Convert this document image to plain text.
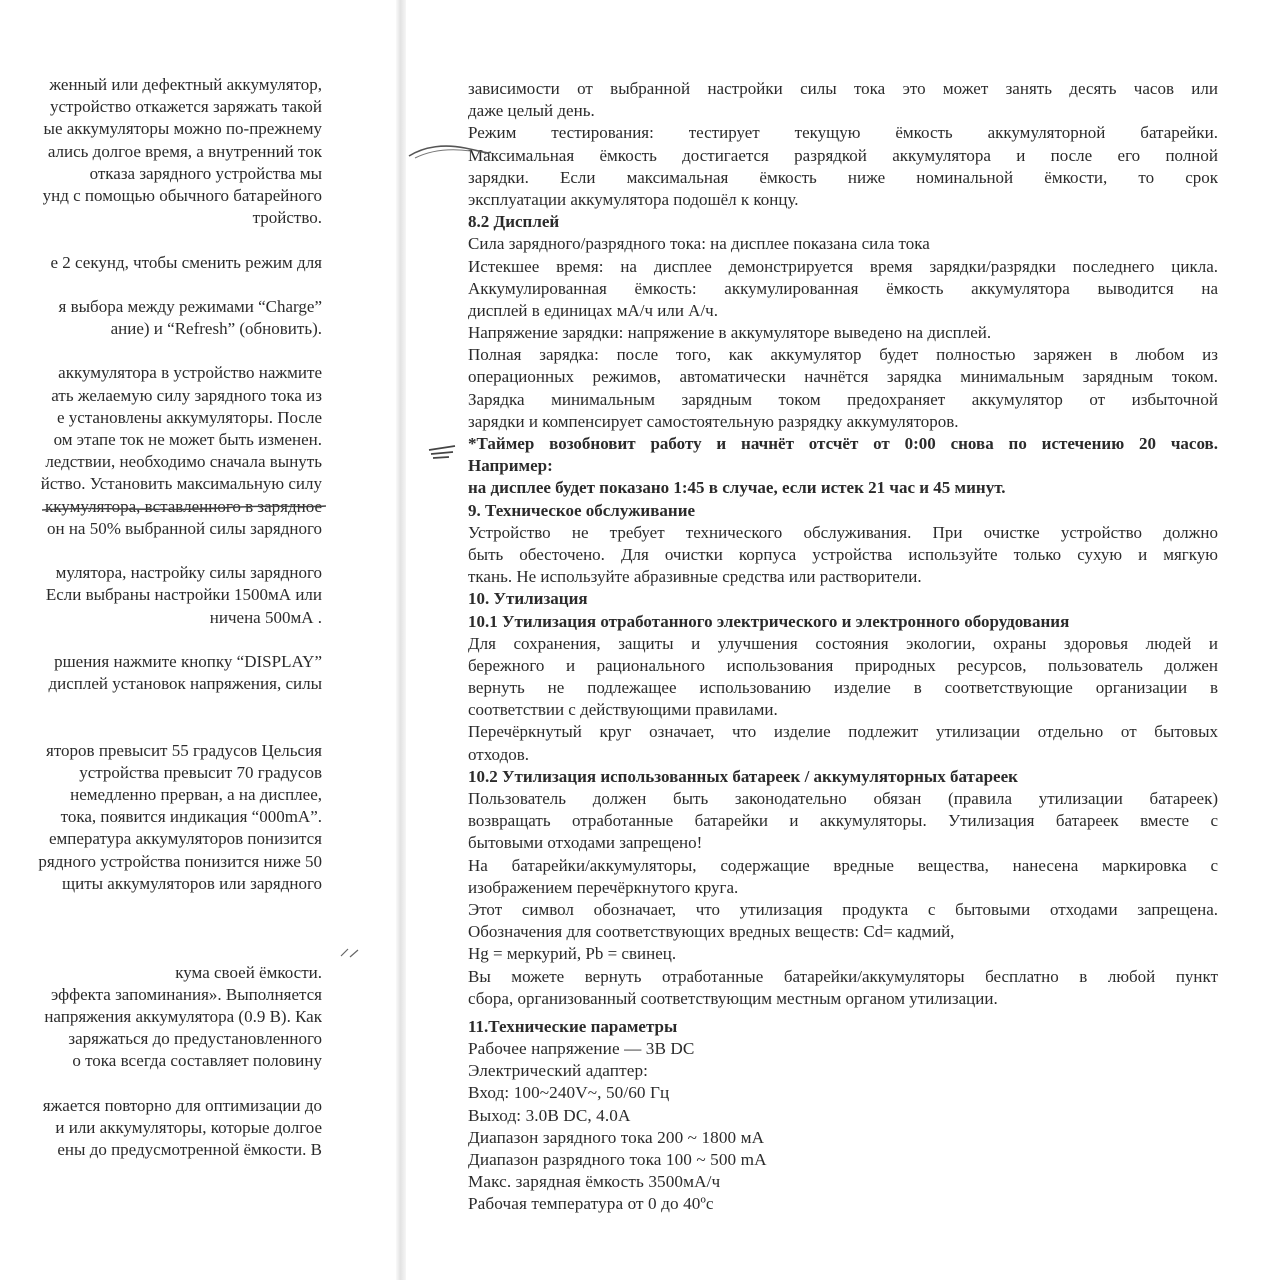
женный или дефектный аккумулятор,
устройство откажется заряжать такой
ые аккумуляторы можно по-прежнему
ались долгое время, а внутренний ток
отказа зарядного устройства мы
унд с помощью обычного батарейного
тройство.
е 2 секунд, чтобы сменить режим для
я выбора между режимами “Charge”
ание) и “Refresh” (обновить).
аккумулятора в устройство нажмите
ать желаемую силу зарядного тока из
е установлены аккумуляторы. После
ом этапе ток не может быть изменен.
ледствии, необходимо сначала вынуть
йство. Установить максимальную силу
ккумулятора, вставленного в зарядное
он на 50% выбранной силы зарядного
мулятора, настройку силы зарядного
Если выбраны настройки 1500мА или
ничена 500мА .
ршения нажмите кнопку “DISPLAY”
дисплей установок напряжения, силы
яторов превысит 55 градусов Цельсия
устройства превысит 70 градусов
немедленно прерван, а на дисплее,
тока, появится индикация “000mA”.
емпература аккумуляторов понизится
рядного устройства понизится ниже 50
щиты аккумуляторов или зарядного
кума своей ёмкости.
эффекта запоминания». Выполняется
напряжения аккумулятора (0.9 В). Как
заряжаться до предустановленного
о тока всегда составляет половину
яжается повторно для оптимизации до
и или аккумуляторы, которые долгое
ены до предусмотренной ёмкости. В
зависимости от выбранной настройки силы тока это может занять десять часов или
даже целый день.
Режим тестирования: тестирует текущую ёмкость аккумуляторной батарейки.
Максимальная ёмкость достигается разрядкой аккумулятора и после его полной
зарядки. Если максимальная ёмкость ниже номинальной ёмкости, то срок
эксплуатации аккумулятора подошёл к концу.
8.2 Дисплей
Сила зарядного/разрядного тока: на дисплее показана сила тока
Истекшее время: на дисплее демонстрируется время зарядки/разрядки последнего цикла.
Аккумулированная ёмкость: аккумулированная ёмкость аккумулятора выводится на
дисплей в единицах мА/ч или А/ч.
Напряжение зарядки: напряжение в аккумуляторе выведено на дисплей.
Полная зарядка: после того, как аккумулятор будет полностью заряжен в любом из
операционных режимов, автоматически начнётся зарядка минимальным зарядным током.
Зарядка минимальным зарядным током предохраняет аккумулятор от избыточной
зарядки и компенсирует самостоятельную разрядку аккумуляторов.
*Таймер возобновит работу и начнёт отсчёт от 0:00 снова по истечению 20 часов.
Например:
на дисплее будет показано 1:45 в случае, если истек 21 час и 45 минут.
9. Техническое обслуживание
Устройство не требует технического обслуживания. При очистке устройство должно
быть обесточено. Для очистки корпуса устройства используйте только сухую и мягкую
ткань. Не используйте абразивные средства или растворители.
10. Утилизация
10.1 Утилизация отработанного электрического и электронного оборудования
Для сохранения, защиты и улучшения состояния экологии, охраны здоровья людей и
бережного и рационального использования природных ресурсов, пользователь должен
вернуть не подлежащее использованию изделие в соответствующие организации в
соответствии с действующими правилами.
Перечёркнутый круг означает, что изделие подлежит утилизации отдельно от бытовых
отходов.
10.2 Утилизация использованных батареек / аккумуляторных батареек
Пользователь должен быть законодательно обязан (правила утилизации батареек)
возвращать отработанные батарейки и аккумуляторы. Утилизация батареек вместе с
бытовыми отходами запрещено!
На батарейки/аккумуляторы, содержащие вредные вещества, нанесена маркировка с
изображением перечёркнутого круга.
Этот символ обозначает, что утилизация продукта с бытовыми отходами запрещена.
Обозначения для соответствующих вредных веществ: Cd= кадмий,
Hg = меркурий, Pb = свинец.
Вы можете вернуть отработанные батарейки/аккумуляторы бесплатно в любой пункт
сбора, организованный соответствующим местным органом утилизации.
11.Технические параметры
Рабочее напряжение — 3В DC
Электрический адаптер:
Вход: 100~240V~, 50/60 Гц
Выход: 3.0В DC, 4.0A
Диапазон зарядного тока 200 ~ 1800 мА
Диапазон разрядного тока 100 ~ 500 mA
Макс. зарядная ёмкость 3500мА/ч
Рабочая температура от 0 до 40ºc
